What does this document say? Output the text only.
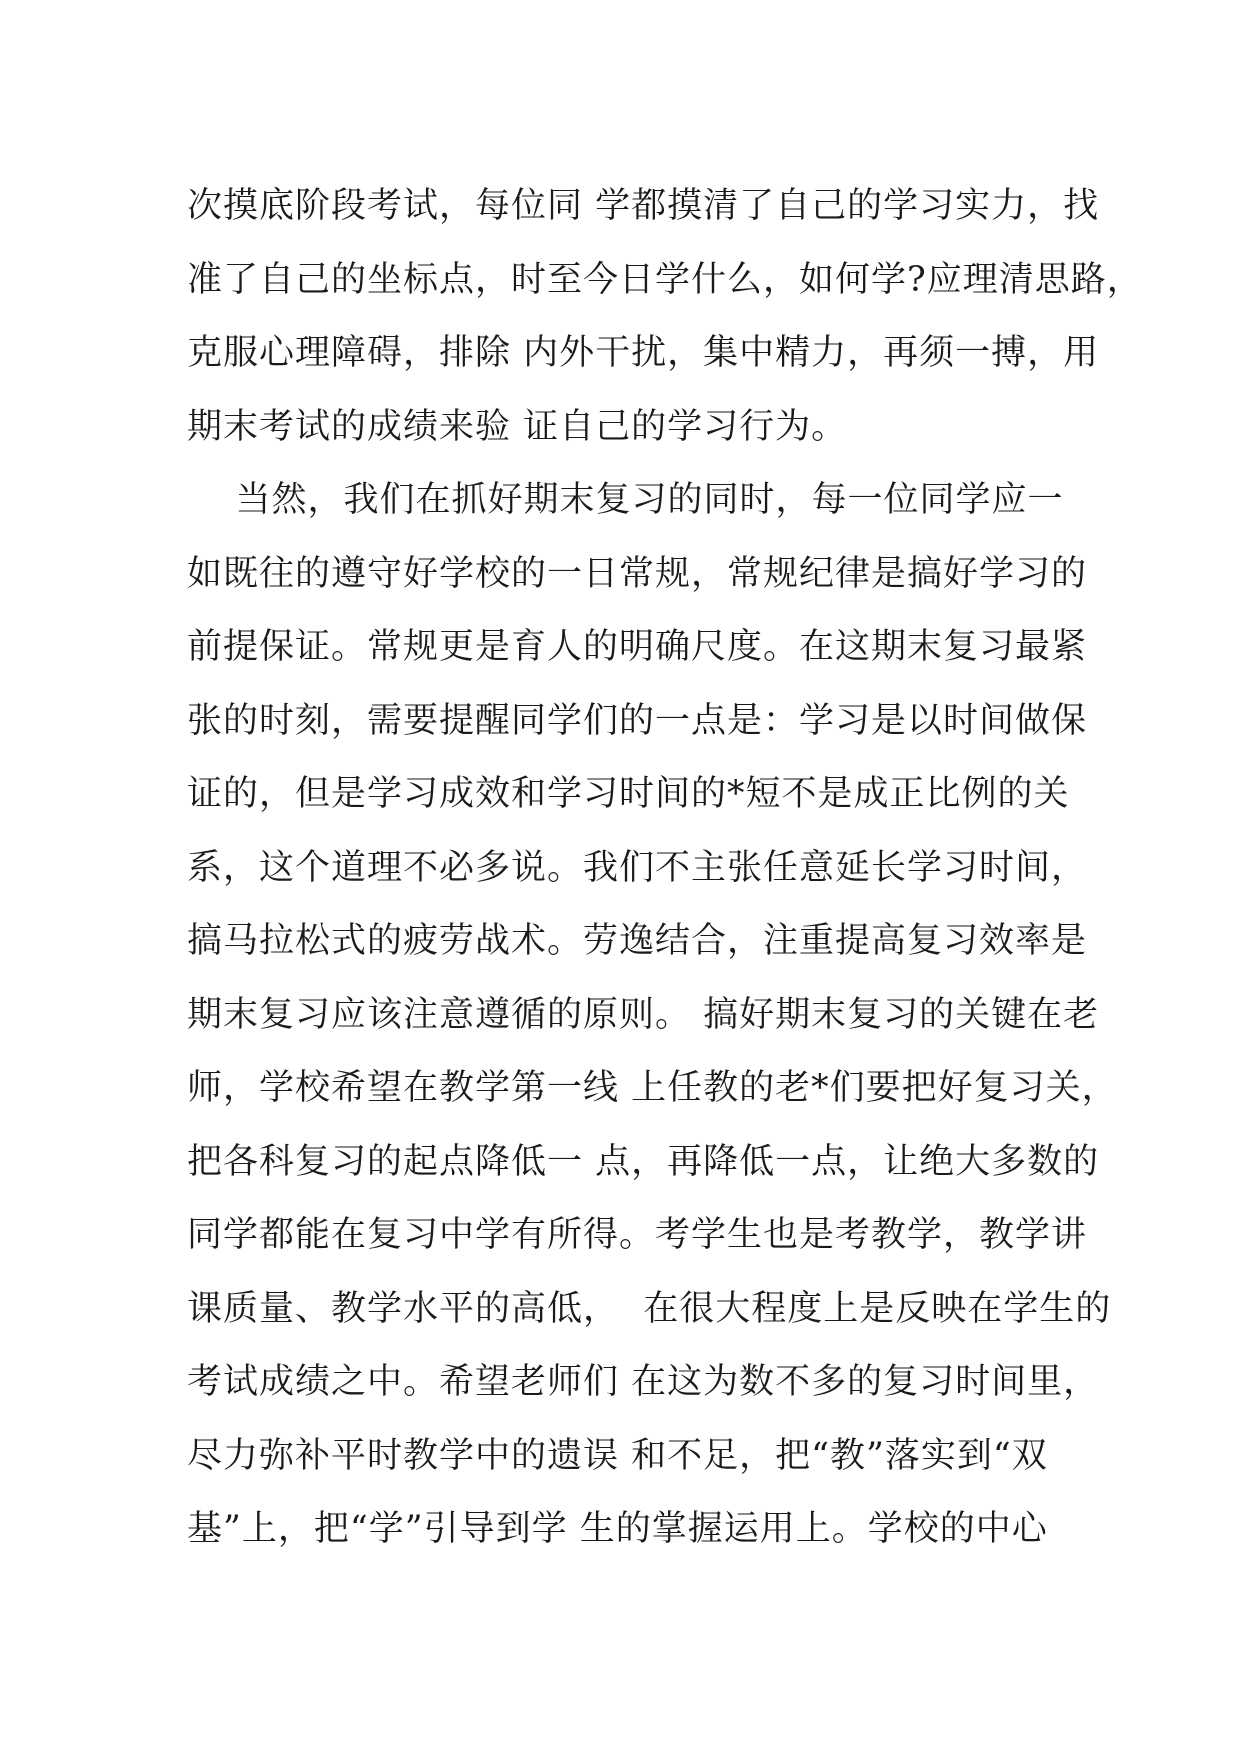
次摸底阶段考试，每位同 学都摸清了自己的学习实力，找
准了自己的坐标点，时至今日学什么，如何学?应理清思路，
克服心理障碍，排除 内外干扰，集中精力，再须一搏，用
期末考试的成绩来验 证自己的学习行为。
当然，我们在抓好期末复习的同时，每一位同学应一
如既往的遵守好学校的一日常规，常规纪律是搞好学习的
前提保证。常规更是育人的明确尺度。在这期末复习最紧
张的时刻，需要提醒同学们的一点是：学习是以时间做保
证的，但是学习成效和学习时间的*短不是成正比例的关
系，这个道理不必多说。我们不主张任意延长学习时间，
搞马拉松式的疲劳战术。劳逸结合，注重提高复习效率是
期末复习应该注意遵循的原则。 搞好期末复习的关键在老
师，学校希望在教学第一线 上任教的老*们要把好复习关，
把各科复习的起点降低一 点，再降低一点，让绝大多数的
同学都能在复习中学有所得。考学生也是考教学，教学讲
课质量、教学水平的高低，  在很大程度上是反映在学生的
考试成绩之中。希望老师们 在这为数不多的复习时间里，
尽力弥补平时教学中的遗误 和不足，把“教”落实到“双
基”上，把“学”引导到学 生的掌握运用上。学校的中心
